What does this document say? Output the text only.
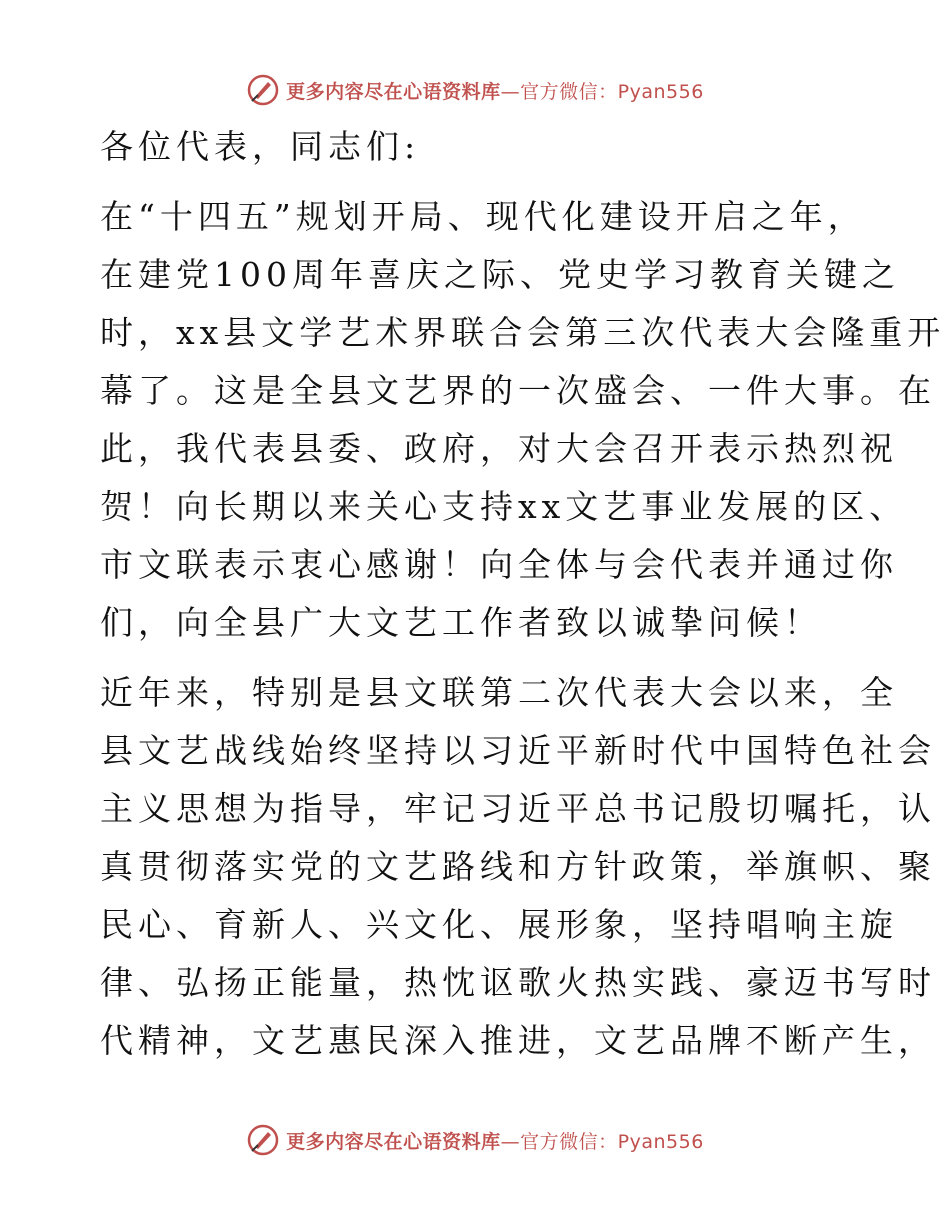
更多内容尽在心语资料库 —官方微信：Pyan556

各位代表，同志们:

在“十四五”规划开局、现代化建设开启之年，
在建党100周年喜庆之际、党史学习教育关键之
时，xx县文学艺术界联合会第三次代表大会隆重开
幕了。这是全县文艺界的一次盛会、一件大事。在
此，我代表县委、政府，对大会召开表示热烈祝
贺！向长期以来关心支持xx文艺事业发展的区、
市文联表示衷心感谢！向全体与会代表并通过你
们，向全县广大文艺工作者致以诚挚问候！

近年来，特别是县文联第二次代表大会以来，全
县文艺战线始终坚持以习近平新时代中国特色社会
主义思想为指导，牢记习近平总书记殷切嘱托，认
真贯彻落实党的文艺路线和方针政策，举旗帜、聚
民心、育新人、兴文化、展形象，坚持唱响主旋
律、弘扬正能量，热忱讴歌火热实践、豪迈书写时
代精神，文艺惠民深入推进，文艺品牌不断产生，

更多内容尽在心语资料库 —官方微信：Pyan556
